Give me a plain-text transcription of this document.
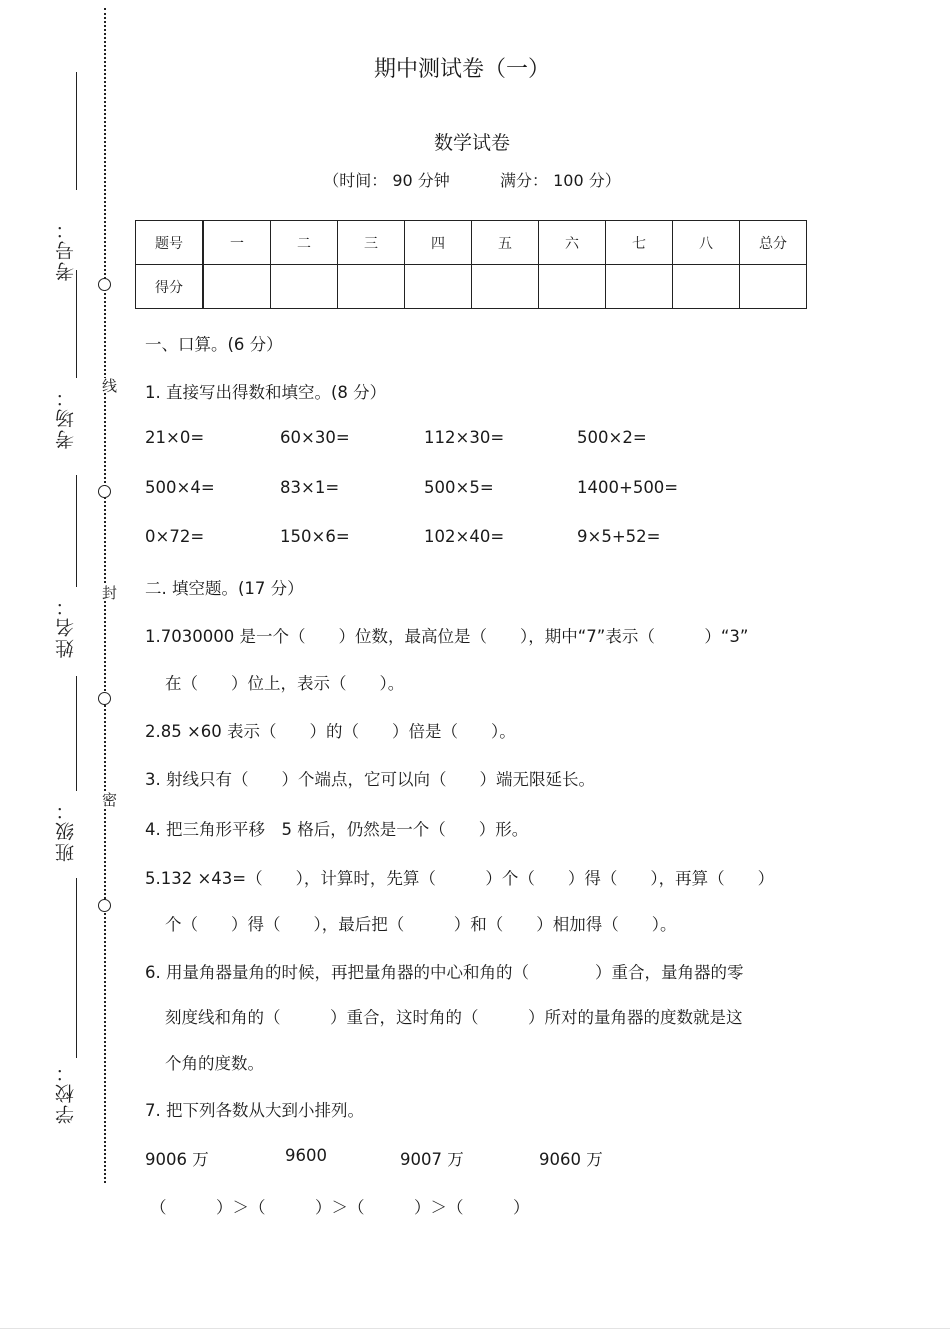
线
封
密
考号：
考场：
姓名：
班级：
学校：
期中测试卷（一）
数学试卷
（时间： 90 分钟	满分： 100 分）
题号	一	二	三	四	五	六	七	八	总分
得分									
一、口算。(6 分）
1. 直接写出得数和填空。(8 分）
21×0=	60×30=	112×30=	500×2=
500×4=	83×1=	500×5=	1400+500=
0×72=	150×6=	102×40=	9×5+52=
二. 填空题。(17 分）
1.7030000 是一个（　　）位数，最高位是（　　），期中“7”表示（　　　）“3”
在（　　）位上，表示（　　）。
2.85 ×60 表示（　　）的（　　）倍是（　　）。
3. 射线只有（　　）个端点，它可以向（　　）端无限延长。
4. 把三角形平移　5 格后，仍然是一个（　　）形。
5.132 ×43=（　　），计算时，先算（　　　）个（　　）得（　　），再算（　　）
个（　　）得（　　），最后把（　　　）和（　　）相加得（　　）。
6. 用量角器量角的时候，再把量角器的中心和角的（　　　　）重合，量角器的零
刻度线和角的（　　　）重合，这时角的（　　　）所对的量角器的度数就是这
个角的度数。
7. 把下列各数从大到小排列。
9006 万	9600	9007 万	9060 万
（　　　）＞（　　　）＞（　　　）＞（　　　）
